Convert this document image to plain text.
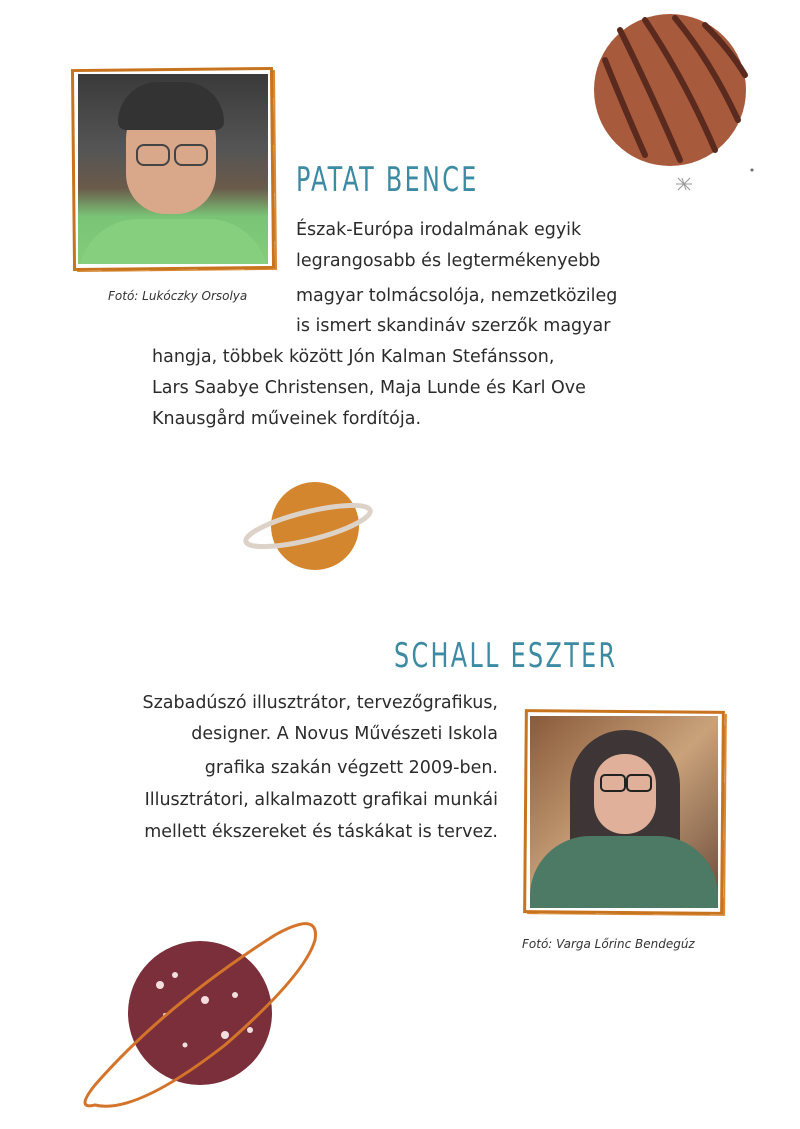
Fotó: Lukóczky Orsolya
PATAT BENCE
Észak-Európa irodalmának egyik
legrangosabb és legtermékenyebb
magyar tolmácsolója, nemzetközileg
is ismert skandináv szerzők magyar
hangja, többek között Jón Kalman Stefánsson,
Lars Saabye Christensen, Maja Lunde és Karl Ove
Knausgård műveinek fordítója.
SCHALL ESZTER
Szabadúszó illusztrátor, tervezőgrafikus,
designer. A Novus Művészeti Iskola
grafika szakán végzett 2009-ben.
Illusztrátori, alkalmazott grafikai munkái
mellett ékszereket és táskákat is tervez.
Fotó: Varga Lőrinc Bendegúz
